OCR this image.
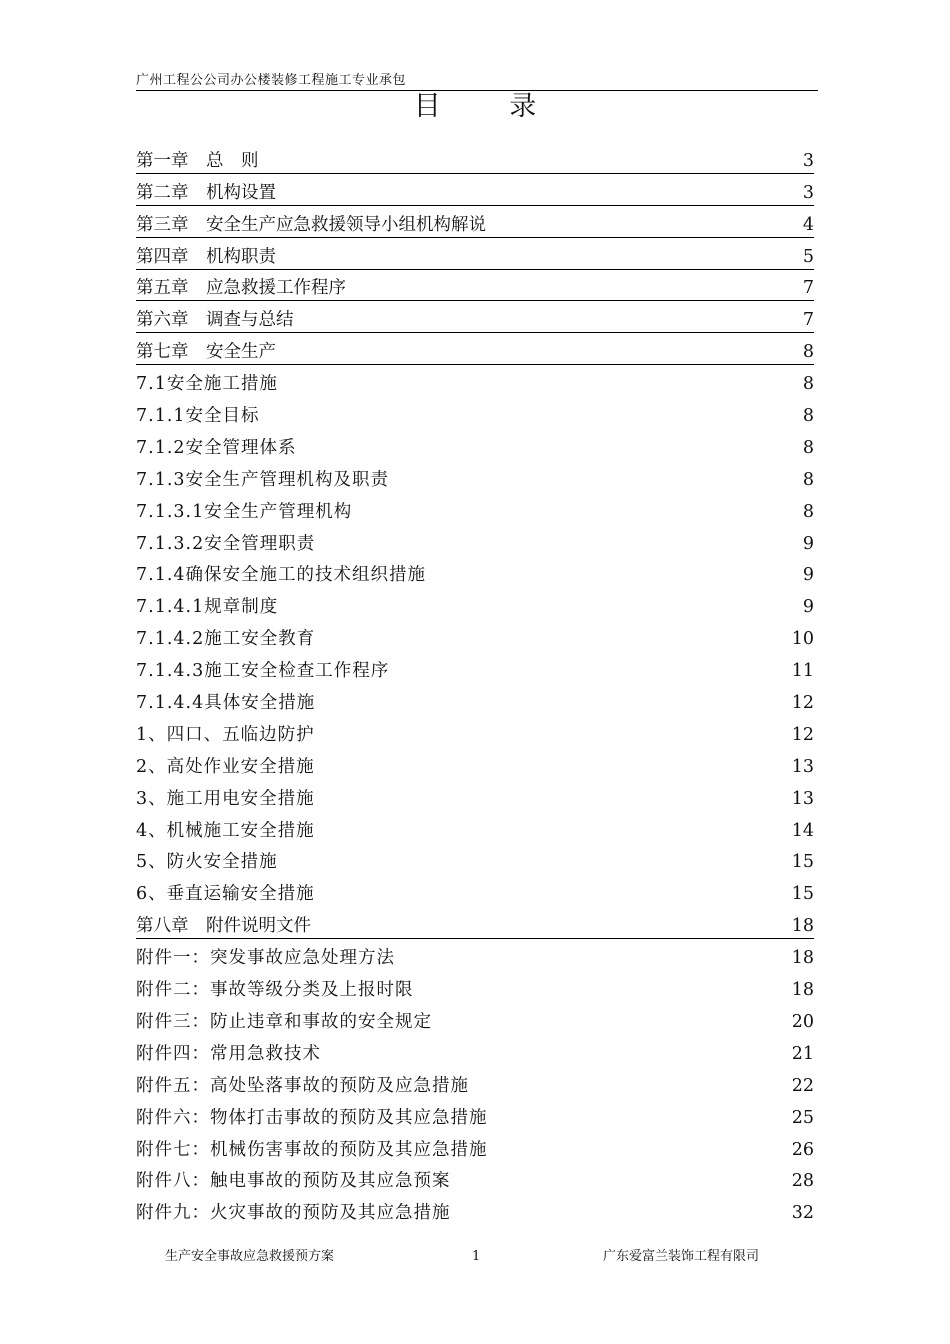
广州工程公公司办公楼装修工程施工专业承包
目 录
第一章　总　则	3
第二章　机构设置	3
第三章　安全生产应急救援领导小组机构解说	4
第四章　机构职责	5
第五章　应急救援工作程序	7
第六章　调查与总结	7
第七章　安全生产	8
7.1安全施工措施	8
7.1.1安全目标	8
7.1.2安全管理体系	8
7.1.3安全生产管理机构及职责	8
7.1.3.1安全生产管理机构	8
7.1.3.2安全管理职责	9
7.1.4确保安全施工的技术组织措施	9
7.1.4.1规章制度	9
7.1.4.2施工安全教育	10
7.1.4.3施工安全检查工作程序	11
7.1.4.4具体安全措施	12
1、四口、五临边防护	12
2、高处作业安全措施	13
3、施工用电安全措施	13
4、机械施工安全措施	14
5、防火安全措施	15
6、垂直运输安全措施	15
第八章　附件说明文件	18
附件一：突发事故应急处理方法	18
附件二：事故等级分类及上报时限	18
附件三：防止违章和事故的安全规定	20
附件四：常用急救技术	21
附件五：高处坠落事故的预防及应急措施	22
附件六：物体打击事故的预防及其应急措施	25
附件七：机械伤害事故的预防及其应急措施	26
附件八：触电事故的预防及其应急预案	28
附件九：火灾事故的预防及其应急措施	32
生产安全事故应急救援预方案	1	广东爱富兰装饰工程有限司
